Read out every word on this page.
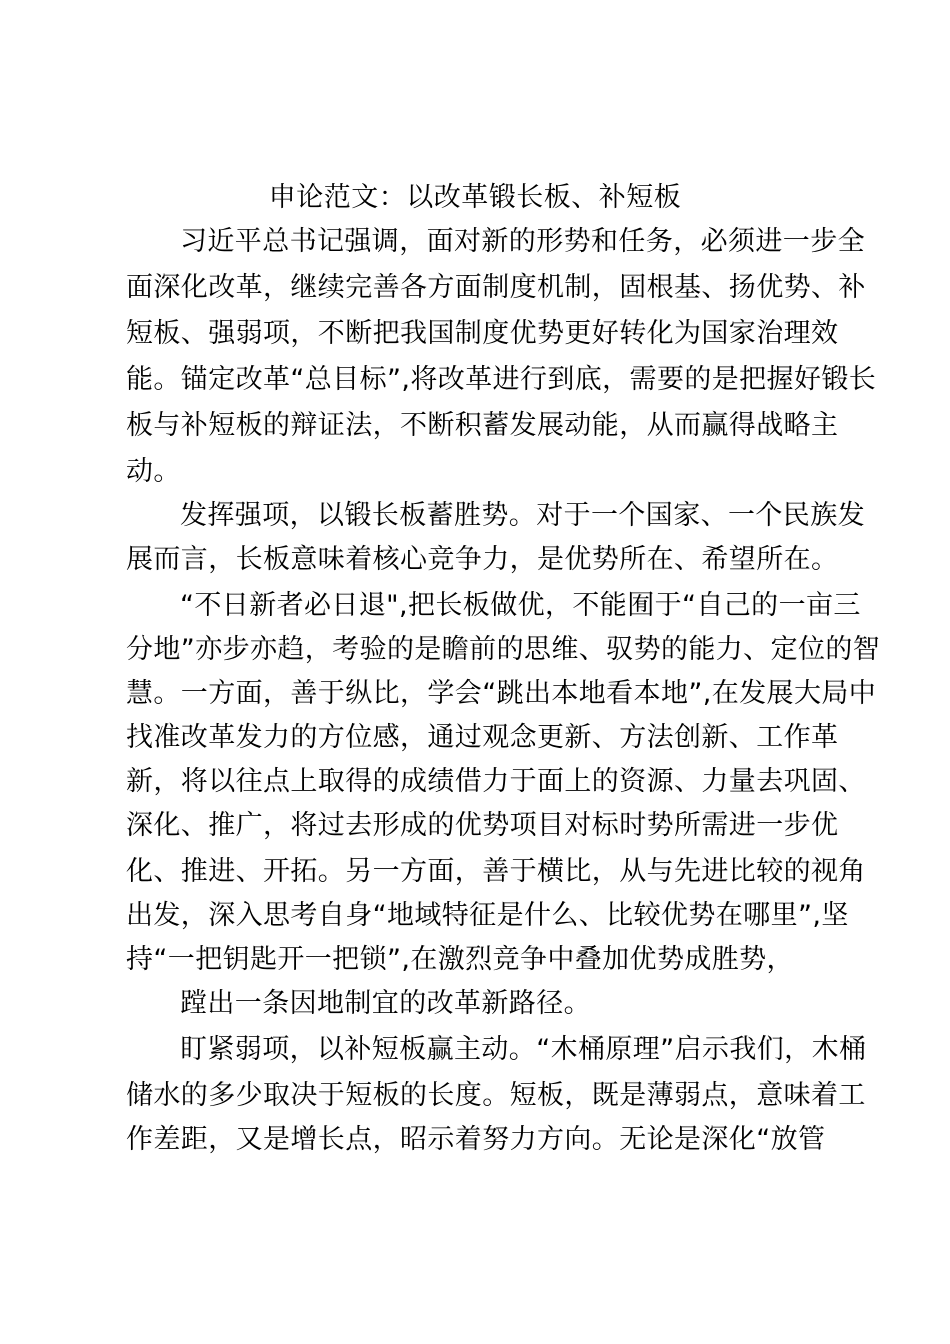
申论范文：以改革锻长板、补短板
习近平总书记强调，面对新的形势和任务，必须进一步全
面深化改革，继续完善各方面制度机制，固根基、扬优势、补
短板、强弱项，不断把我国制度优势更好转化为国家治理效
能。锚定改革“总目标”,将改革进行到底，需要的是把握好锻长
板与补短板的辩证法，不断积蓄发展动能，从而赢得战略主
动。
发挥强项，以锻长板蓄胜势。对于一个国家、一个民族发
展而言，长板意味着核心竞争力，是优势所在、希望所在。
“不日新者必日退",把长板做优，不能囿于“自己的一亩三
分地”亦步亦趋，考验的是瞻前的思维、驭势的能力、定位的智
慧。一方面，善于纵比，学会“跳出本地看本地”,在发展大局中
找准改革发力的方位感，通过观念更新、方法创新、工作革
新，将以往点上取得的成绩借力于面上的资源、力量去巩固、
深化、推广，将过去形成的优势项目对标时势所需进一步优
化、推进、开拓。另一方面，善于横比，从与先进比较的视角
出发，深入思考自身“地域特征是什么、比较优势在哪里”,坚
持“一把钥匙开一把锁”,在激烈竞争中叠加优势成胜势，
蹚出一条因地制宜的改革新路径。
盯紧弱项，以补短板赢主动。“木桶原理”启示我们，木桶
储水的多少取决于短板的长度。短板，既是薄弱点，意味着工
作差距，又是增长点，昭示着努力方向。无论是深化“放管
